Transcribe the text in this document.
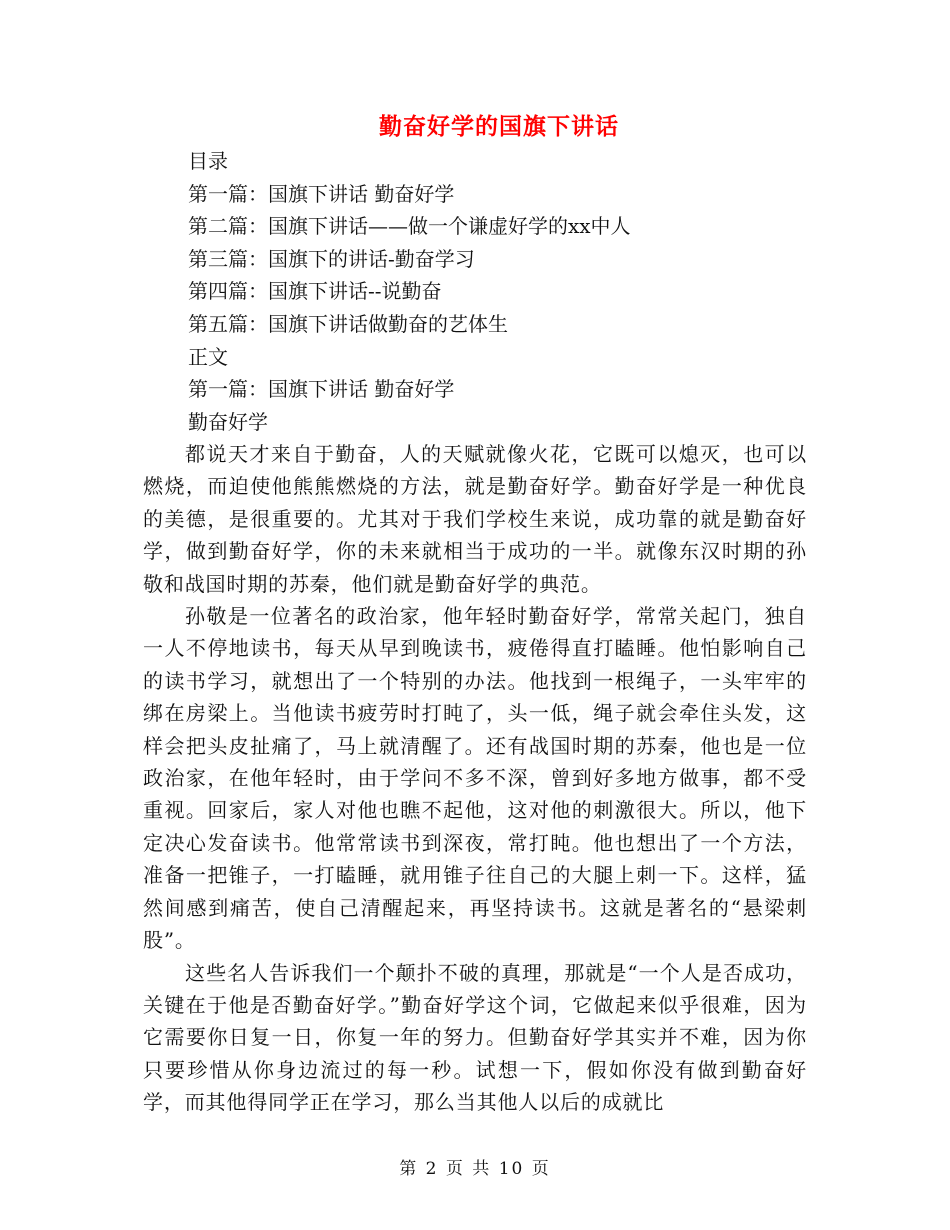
勤奋好学的国旗下讲话
目录
第一篇：国旗下讲话 勤奋好学
第二篇：国旗下讲话——做一个谦虚好学的xx中人
第三篇：国旗下的讲话-勤奋学习
第四篇：国旗下讲话--说勤奋
第五篇：国旗下讲话做勤奋的艺体生
正文
第一篇：国旗下讲话 勤奋好学
勤奋好学

都说天才来自于勤奋，人的天赋就像火花，它既可以熄灭，也可以燃烧，而迫使他熊熊燃烧的方法，就是勤奋好学。勤奋好学是一种优良的美德，是很重要的。尤其对于我们学校生来说，成功靠的就是勤奋好学，做到勤奋好学，你的未来就相当于成功的一半。就像东汉时期的孙敬和战国时期的苏秦，他们就是勤奋好学的典范。

孙敬是一位著名的政治家，他年轻时勤奋好学，常常关起门，独自一人不停地读书，每天从早到晚读书，疲倦得直打瞌睡。他怕影响自己的读书学习，就想出了一个特别的办法。他找到一根绳子，一头牢牢的绑在房梁上。当他读书疲劳时打盹了，头一低，绳子就会牵住头发，这样会把头皮扯痛了，马上就清醒了。还有战国时期的苏秦，他也是一位政治家，在他年轻时，由于学问不多不深，曾到好多地方做事，都不受重视。回家后，家人对他也瞧不起他，这对他的刺激很大。所以，他下定决心发奋读书。他常常读书到深夜，常打盹。他也想出了一个方法，准备一把锥子，一打瞌睡，就用锥子往自己的大腿上刺一下。这样，猛然间感到痛苦，使自己清醒起来，再坚持读书。这就是著名的“悬梁刺股”。

这些名人告诉我们一个颠扑不破的真理，那就是“一个人是否成功，关键在于他是否勤奋好学。”勤奋好学这个词，它做起来似乎很难，因为它需要你日复一日，你复一年的努力。但勤奋好学其实并不难，因为你只要珍惜从你身边流过的每一秒。试想一下，假如你没有做到勤奋好学，而其他得同学正在学习，那么当其他人以后的成就比

第 2 页 共 10 页
